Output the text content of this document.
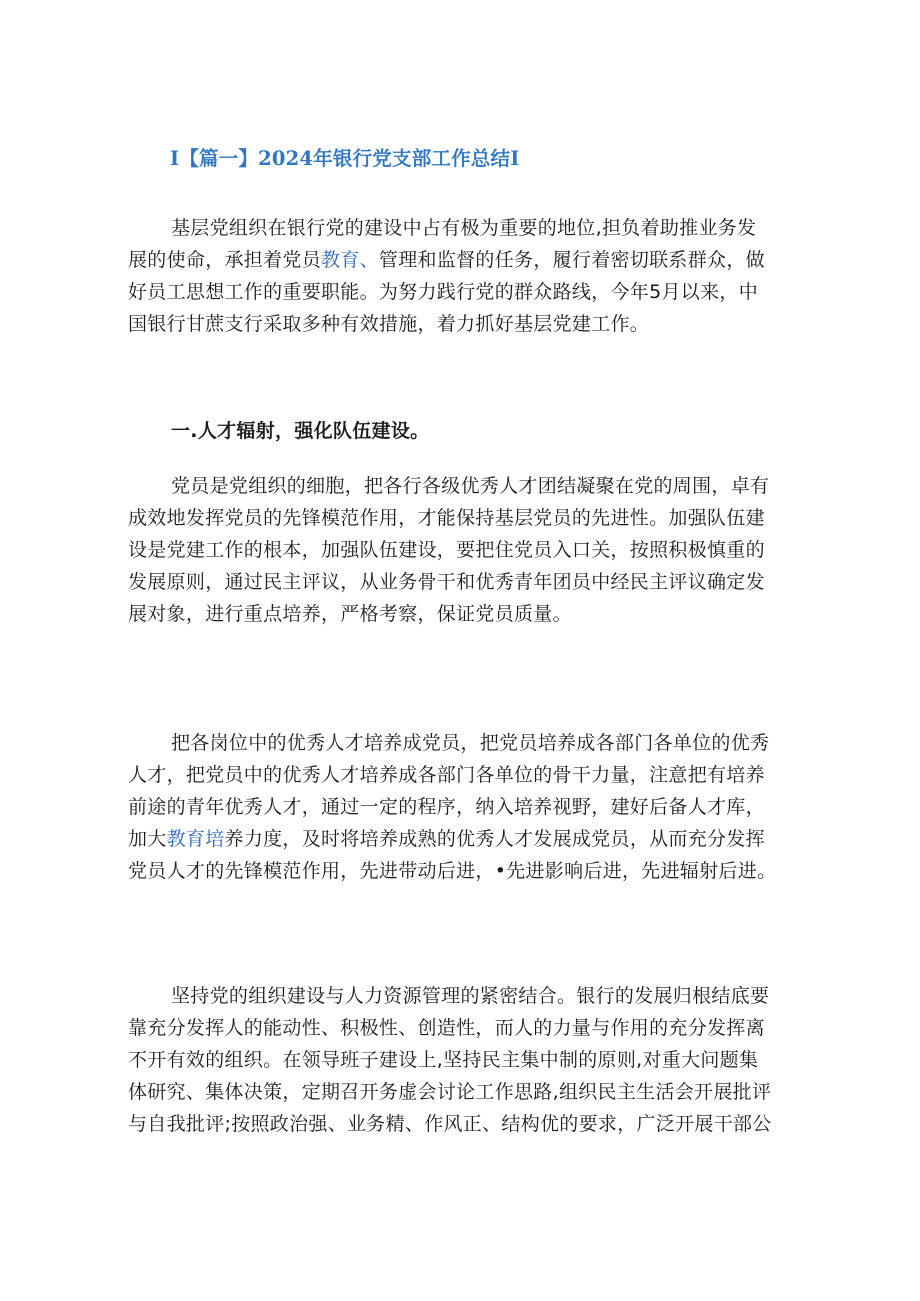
I【篇一】2024年银行党支部工作总结I
基层党组织在银行党的建设中占有极为重要的地位,担负着助推业务发
展的使命，承担着党员教育、管理和监督的任务，履行着密切联系群众，做
好员工思想工作的重要职能。为努力践行党的群众路线，今年5月以来，中
国银行甘蔗支行采取多种有效措施，着力抓好基层党建工作。
一.人才辐射，强化队伍建设。
党员是党组织的细胞，把各行各级优秀人才团结凝聚在党的周围，卓有
成效地发挥党员的先锋模范作用，才能保持基层党员的先进性。加强队伍建
设是党建工作的根本，加强队伍建设，要把住党员入口关，按照积极慎重的
发展原则，通过民主评议，从业务骨干和优秀青年团员中经民主评议确定发
展对象，进行重点培养，严格考察，保证党员质量。
把各岗位中的优秀人才培养成党员，把党员培养成各部门各单位的优秀
人才，把党员中的优秀人才培养成各部门各单位的骨干力量，注意把有培养
前途的青年优秀人才，通过一定的程序，纳入培养视野，建好后备人才库，
加大教育培养力度，及时将培养成熟的优秀人才发展成党员，从而充分发挥
党员人才的先锋模范作用，先进带动后进，•先进影响后进，先进辐射后进。
坚持党的组织建设与人力资源管理的紧密结合。银行的发展归根结底要
靠充分发挥人的能动性、积极性、创造性，而人的力量与作用的充分发挥离
不开有效的组织。在领导班子建设上,坚持民主集中制的原则,对重大问题集
体研究、集体决策，定期召开务虚会讨论工作思路,组织民主生活会开展批评
与自我批评;按照政治强、业务精、作风正、结构优的要求，广泛开展干部公
